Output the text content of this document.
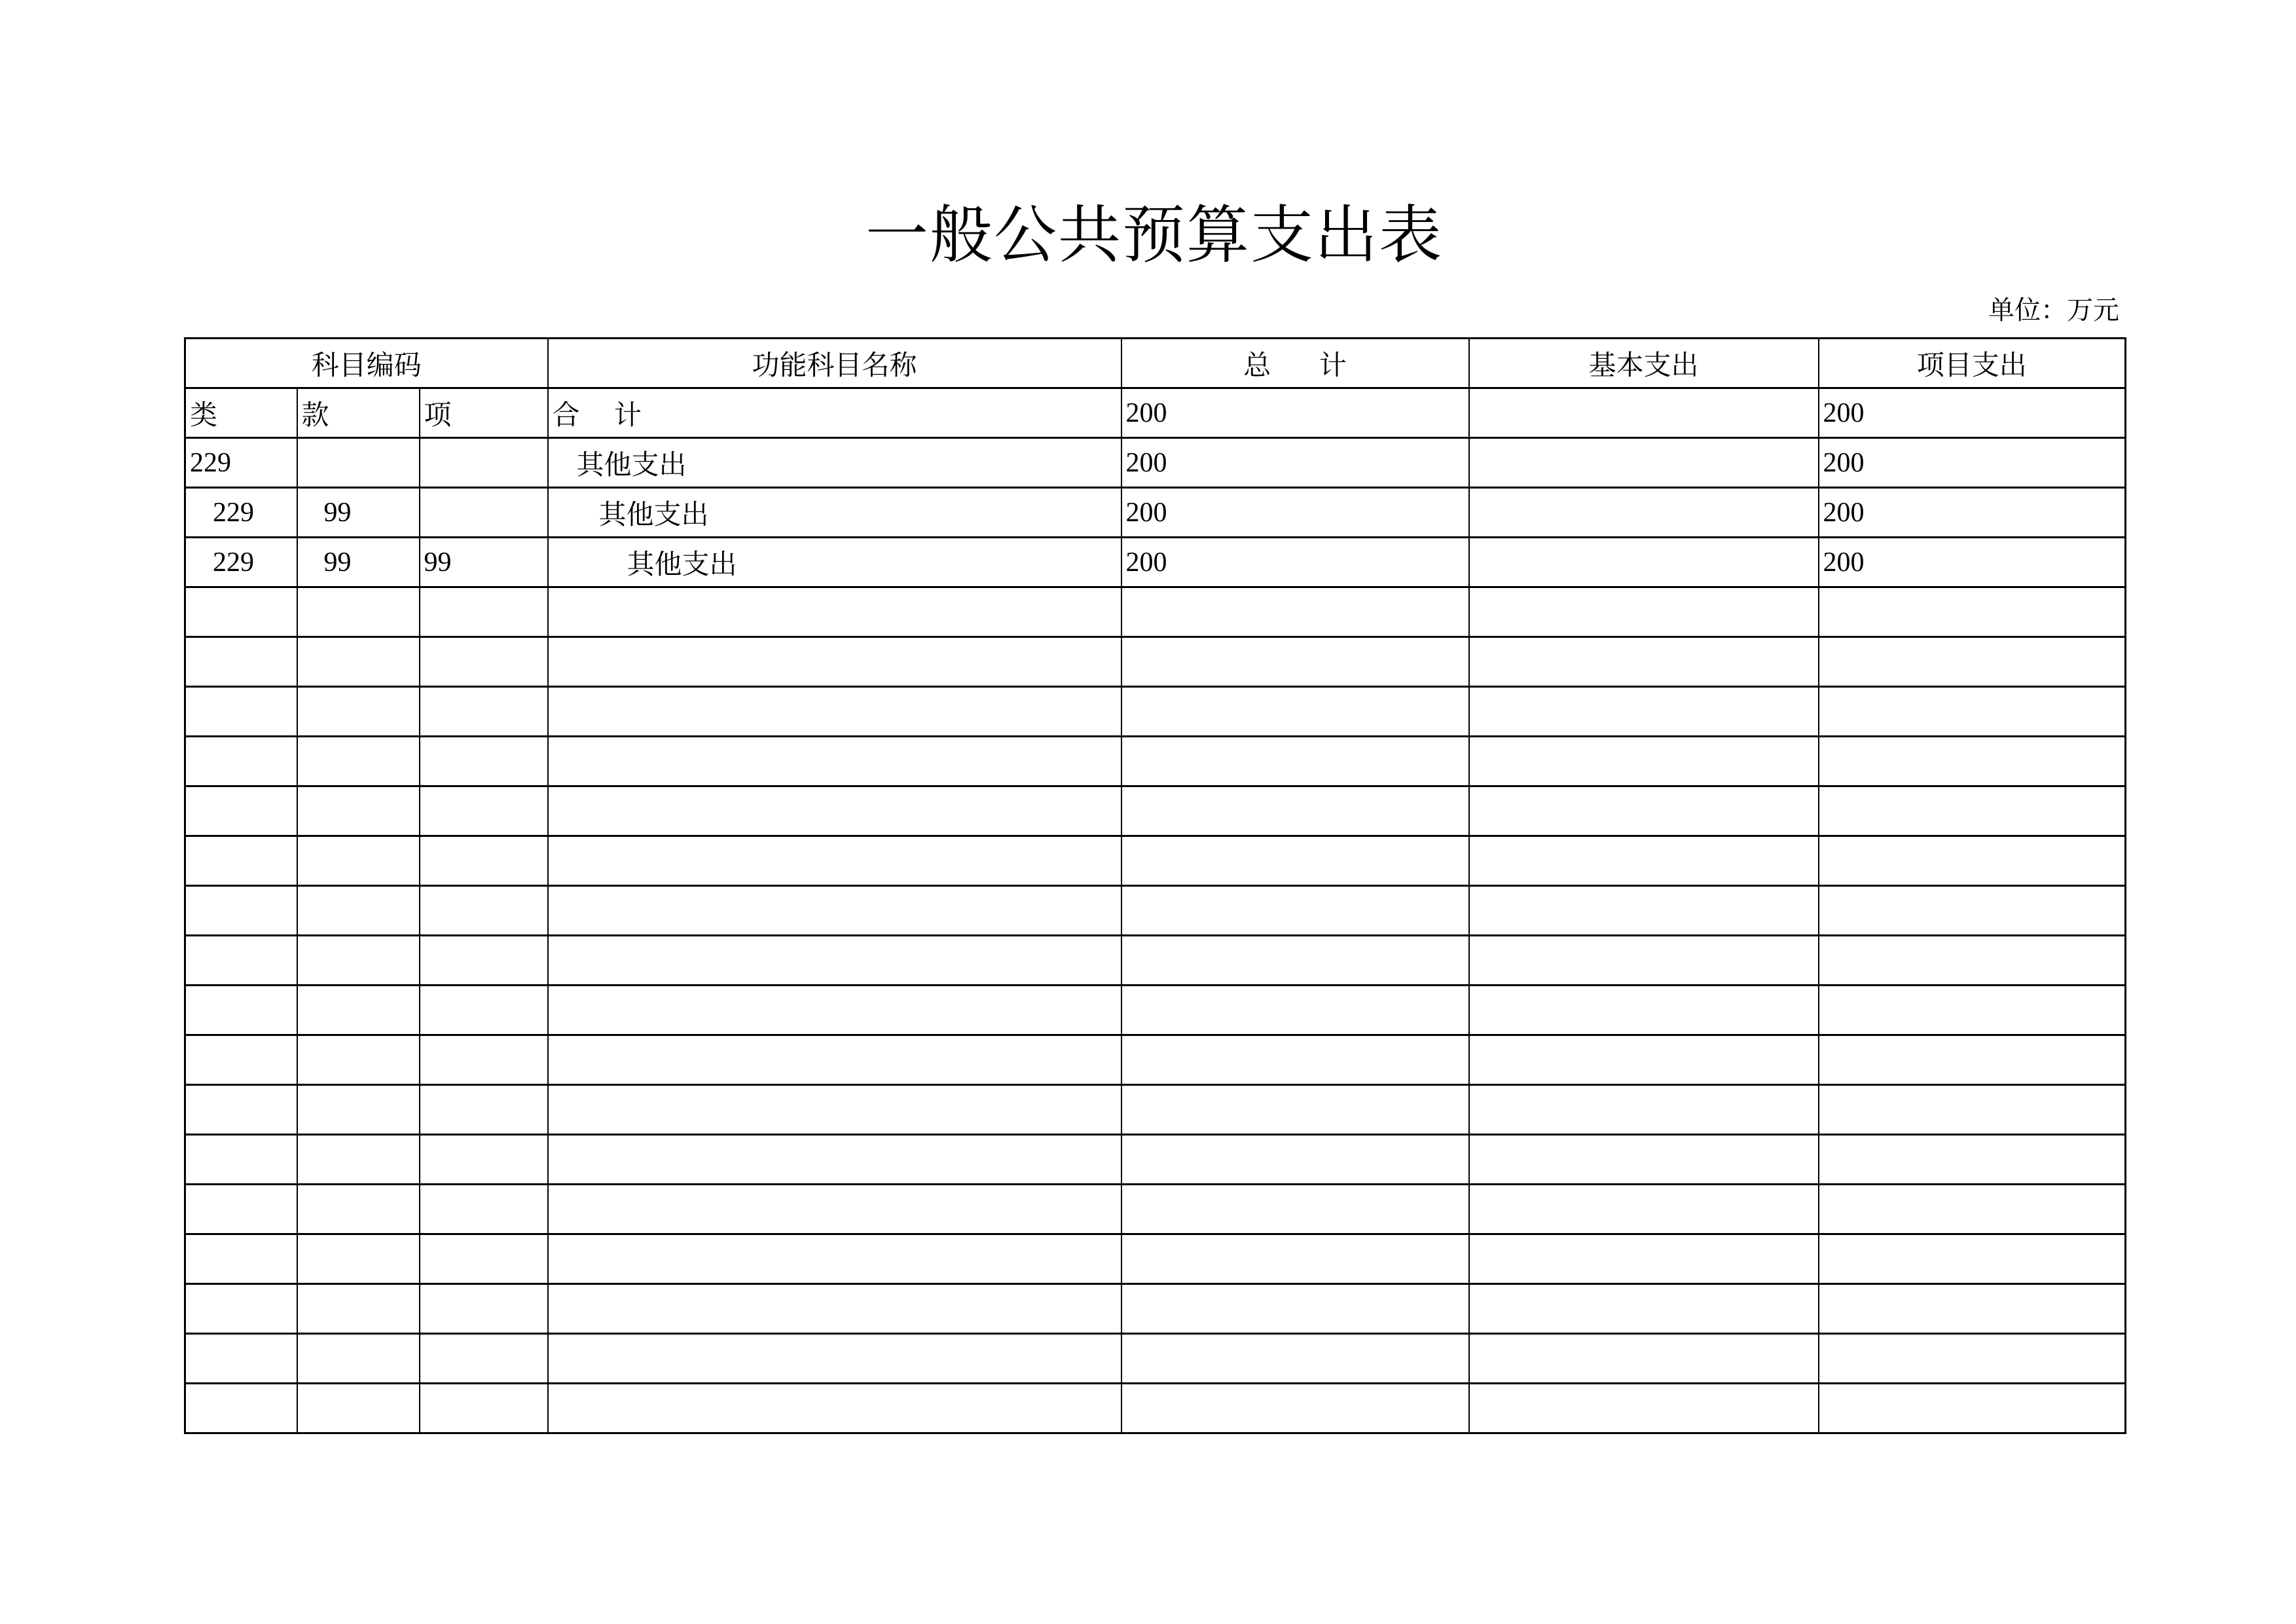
一般公共预算支出表
单位：万元
科目编码			功能科目名称	总       计	基本支出	项目支出
类	款	项	合     计	200		200
229			其他支出	200		200
229	99		其他支出	200		200
229	99	99	其他支出	200		200
